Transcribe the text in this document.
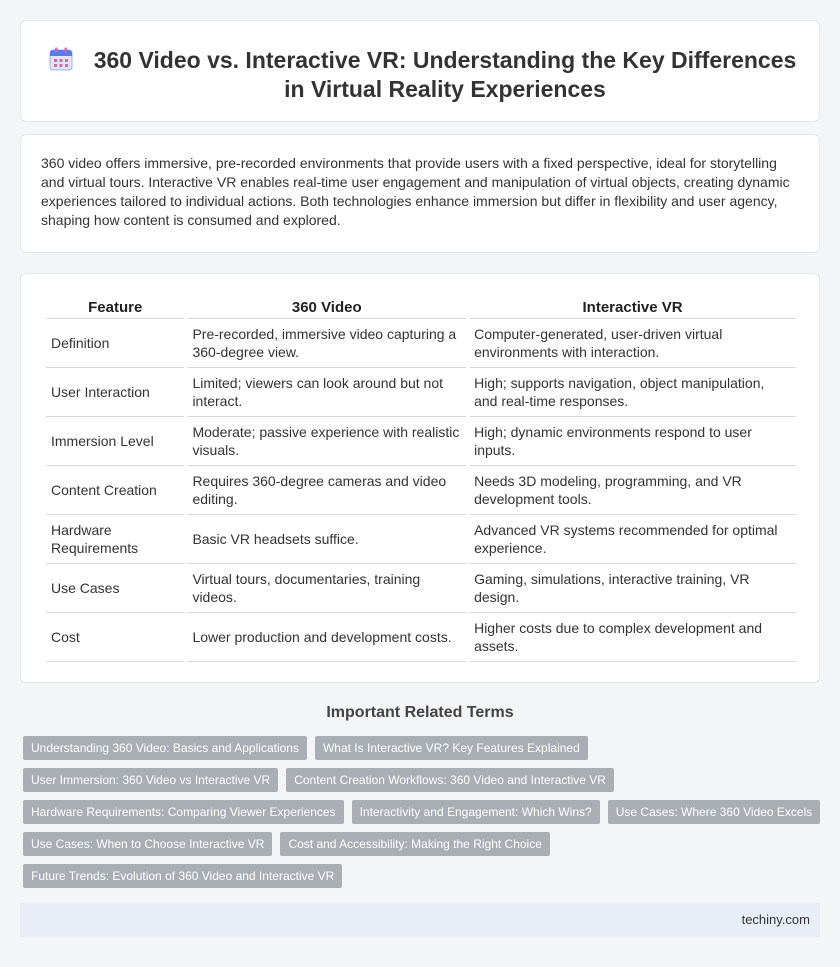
360 Video vs. Interactive VR: Understanding the Key Differences in Virtual Reality Experiences

360 video offers immersive, pre-recorded environments that provide users with a fixed perspective, ideal for storytelling and virtual tours. Interactive VR enables real-time user engagement and manipulation of virtual objects, creating dynamic experiences tailored to individual actions. Both technologies enhance immersion but differ in flexibility and user agency, shaping how content is consumed and explored.

Feature	360 Video	Interactive VR
Definition	Pre-recorded, immersive video capturing a 360-degree view.	Computer-generated, user-driven virtual environments with interaction.
User Interaction	Limited; viewers can look around but not interact.	High; supports navigation, object manipulation, and real-time responses.
Immersion Level	Moderate; passive experience with realistic visuals.	High; dynamic environments respond to user inputs.
Content Creation	Requires 360-degree cameras and video editing.	Needs 3D modeling, programming, and VR development tools.
Hardware Requirements	Basic VR headsets suffice.	Advanced VR systems recommended for optimal experience.
Use Cases	Virtual tours, documentaries, training videos.	Gaming, simulations, interactive training, VR design.
Cost	Lower production and development costs.	Higher costs due to complex development and assets.
Important Related Terms
Understanding 360 Video: Basics and Applications	What Is Interactive VR? Key Features Explained
User Immersion: 360 Video vs Interactive VR	Content Creation Workflows: 360 Video and Interactive VR
Hardware Requirements: Comparing Viewer Experiences	Interactivity and Engagement: Which Wins?	Use Cases: Where 360 Video Excels
Use Cases: When to Choose Interactive VR	Cost and Accessibility: Making the Right Choice
Future Trends: Evolution of 360 Video and Interactive VR
techiny.com
